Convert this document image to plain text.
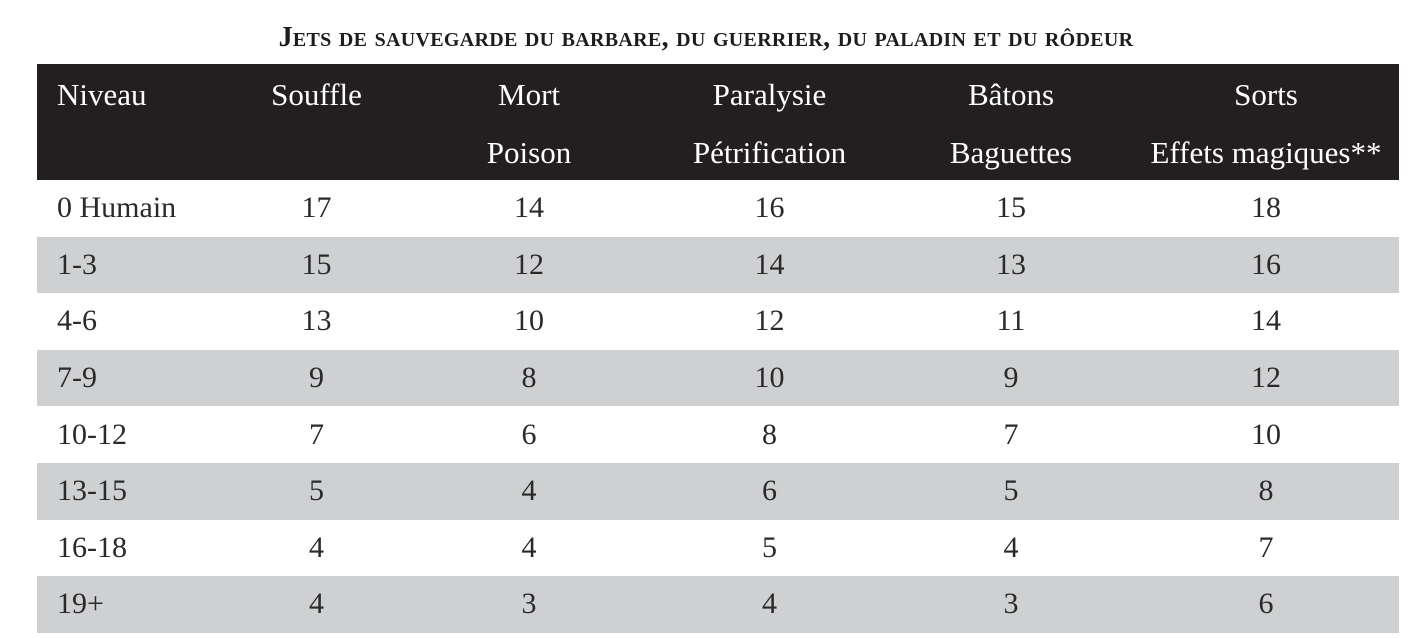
Jets de sauvegarde du barbare, du guerrier, du paladin et du rôdeur
Niveau	Souffle	Mort	Paralysie	Bâtons	Sorts
		Poison	Pétrification	Baguettes	Effets magiques**
0 Humain	17	14	16	15	18
1-3	15	12	14	13	16
4-6	13	10	12	11	14
7-9	9	8	10	9	12
10-12	7	6	8	7	10
13-15	5	4	6	5	8
16-18	4	4	5	4	7
19+	4	3	4	3	6
